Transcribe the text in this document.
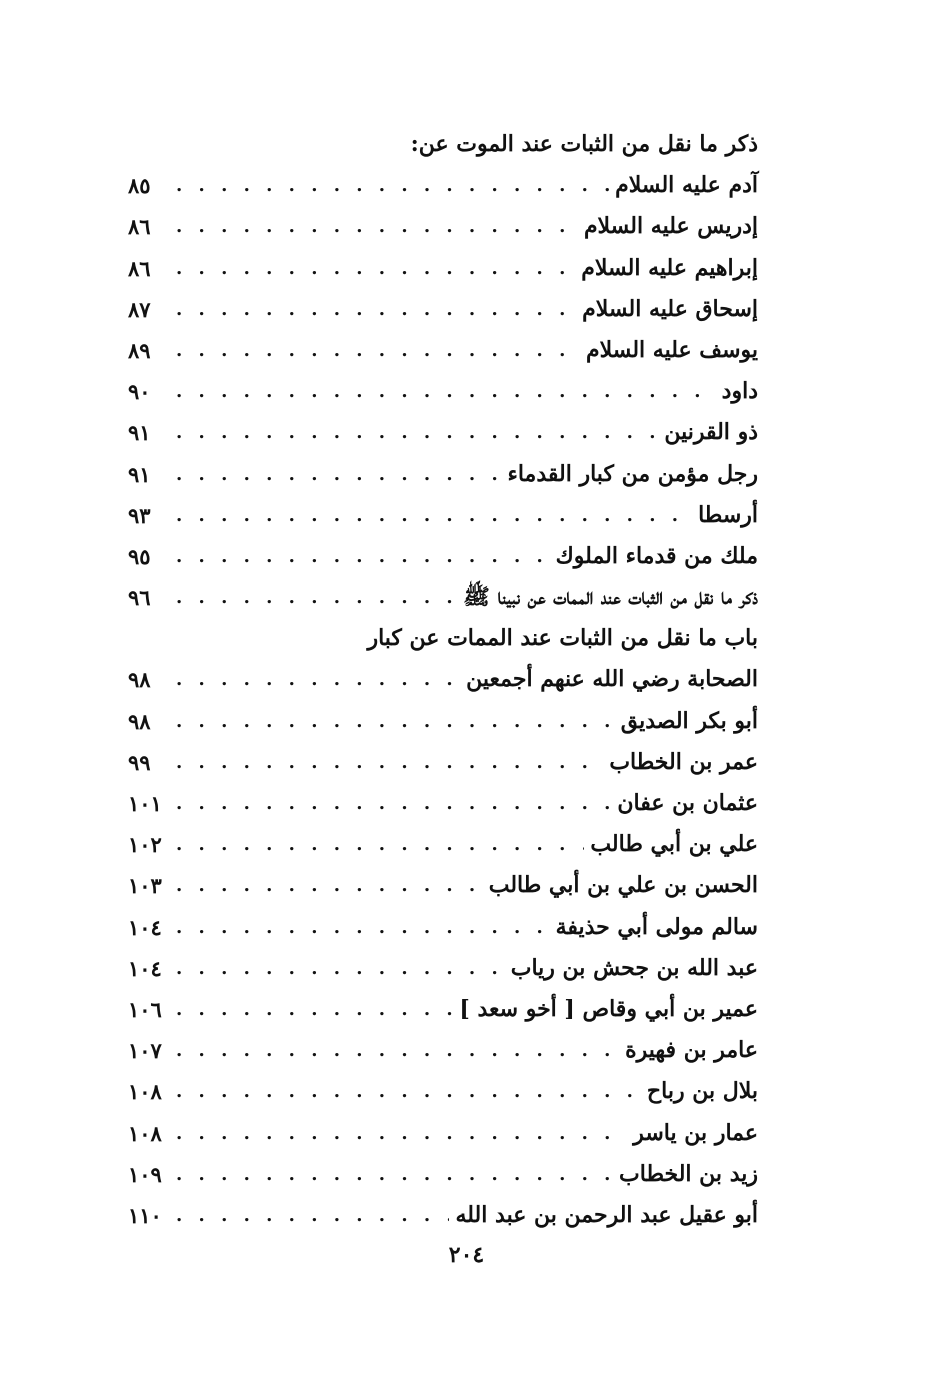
ذكر ما نقل من الثبات عند الموت عن:
آدم عليه السلام
. . .
٨٥
إدريس عليه السلام
. . .
٨٦
إبراهيم عليه السلام
. . .
٨٦
إسحاق عليه السلام
. . .
٨٧
يوسف عليه السلام
. . .
٨٩
داود
. . .
٩٠
ذو القرنين
. . .
٩١
رجل مؤمن من كبار القدماء
. . .
٩١
أرسطا
. . .
٩٣
ملك من قدماء الملوك
. . .
٩٥
ذكر ما نقل من الثبات عند الممات عن نبينا ﷺ
. . .
٩٦
باب ما نقل من الثبات عند الممات عن كبار
الصحابة رضي الله عنهم أجمعين
. . .
٩٨
أبو بكر الصديق
. . .
٩٨
عمر بن الخطاب
. . .
٩٩
عثمان بن عفان
. . .
١٠١
علي بن أبي طالب
. . .
١٠٢
الحسن بن علي بن أبي طالب
. . .
١٠٣
سالم مولى أبي حذيفة
. . .
١٠٤
عبد الله بن جحش بن رياب
. . .
١٠٤
عمير بن أبي وقاص [ أخو سعد ]
. . .
١٠٦
عامر بن فهيرة
. . .
١٠٧
بلال بن رباح
. . .
١٠٨
عمار بن ياسر
. . .
١٠٨
زيد بن الخطاب
. . .
١٠٩
أبو عقيل عبد الرحمن بن عبد الله
. . .
١١٠
٢٠٤
